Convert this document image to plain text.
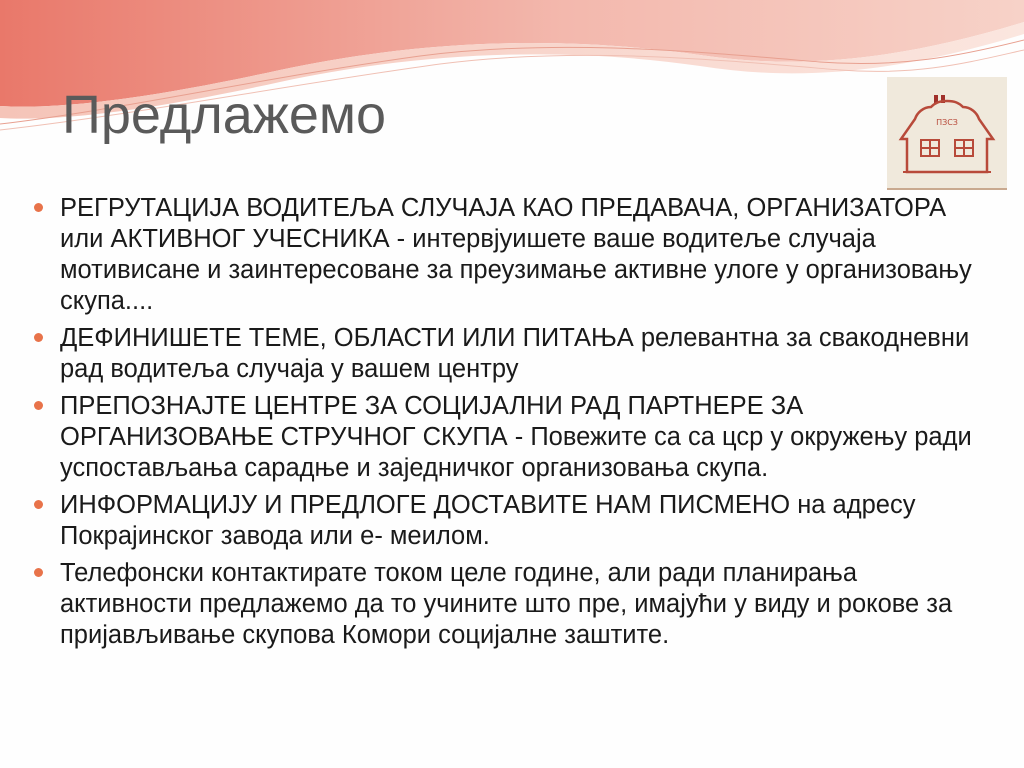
Предлажемо	ПЗСЗ
РЕГРУТАЦИЈА ВОДИТЕЉА СЛУЧАЈА КАО ПРЕДАВАЧА, ОРГАНИЗАТОРА или АКТИВНОГ УЧЕСНИКА - интервјуишете ваше водитеље случаја мотивисане и заинтересоване за преузимање активне улоге у организовању скупа....
ДЕФИНИШЕТЕ ТЕМЕ, ОБЛАСТИ ИЛИ ПИТАЊА релевантна за свакодневни рад водитеља случаја у вашем центру
ПРЕПОЗНАЈТЕ ЦЕНТРЕ ЗА СОЦИЈАЛНИ РАД ПАРТНЕРЕ ЗА ОРГАНИЗОВАЊЕ СТРУЧНОГ СКУПА - Повежите са са цср у окружењу ради успостављања сарадње и заједничког организовања скупа.
ИНФОРМАЦИЈУ И ПРЕДЛОГЕ ДОСТАВИТЕ НАМ ПИСМЕНО на адресу Покрајинског завода или е- меилом.
Телефонски контактирате током целе године, али ради планирања активности предлажемо да то учините што пре, имајући у виду и рокове за пријављивање скупова Комори социјалне заштите.
